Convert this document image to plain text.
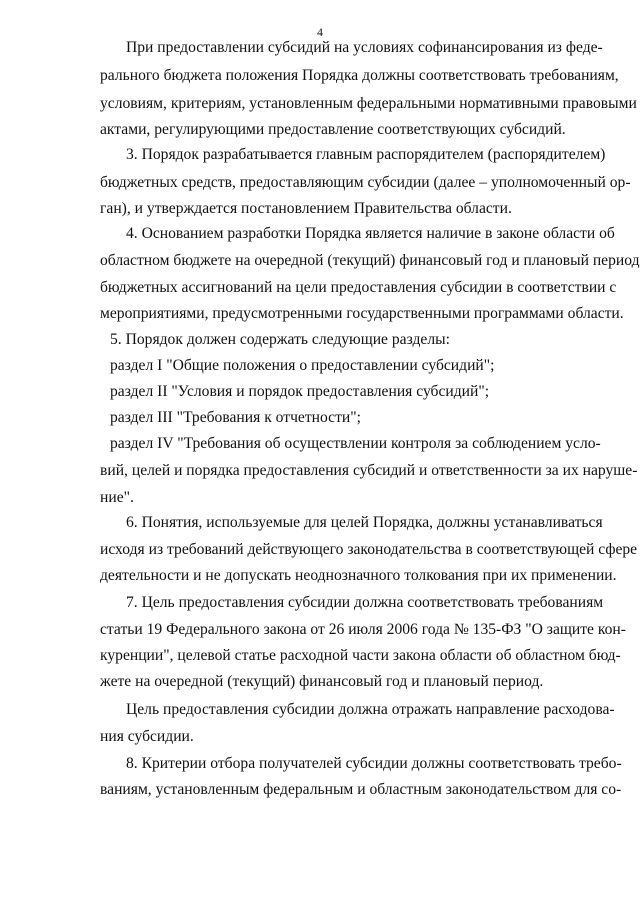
4
При предоставлении субсидий на условиях софинансирования из феде-
рального бюджета положения Порядка должны соответствовать требованиям,
условиям, критериям, установленным федеральными нормативными правовыми
актами, регулирующими предоставление соответствующих субсидий.
3. Порядок разрабатывается главным распорядителем (распорядителем)
бюджетных средств, предоставляющим субсидии (далее – уполномоченный ор-
ган), и утверждается постановлением Правительства области.
4. Основанием разработки Порядка является наличие в законе области об
областном бюджете на очередной (текущий) финансовый год и плановый период
бюджетных ассигнований на цели предоставления субсидии в соответствии с
мероприятиями, предусмотренными государственными программами области.
5. Порядок должен содержать следующие разделы:
раздел I "Общие положения о предоставлении субсидий";
раздел II "Условия и порядок предоставления субсидий";
раздел III "Требования к отчетности";
раздел IV "Требования об осуществлении контроля за соблюдением усло-
вий, целей и порядка предоставления субсидий и ответственности за их наруше-
ние".
6. Понятия, используемые для целей Порядка, должны устанавливаться
исходя из требований действующего законодательства в соответствующей сфере
деятельности и не допускать неоднозначного толкования при их применении.
7. Цель предоставления субсидии должна соответствовать требованиям
статьи 19 Федерального закона от 26 июля 2006 года № 135-ФЗ "О защите кон-
куренции", целевой статье расходной части закона области об областном бюд-
жете на очередной (текущий) финансовый год и плановый период.
Цель предоставления субсидии должна отражать направление расходова-
ния субсидии.
8. Критерии отбора получателей субсидии должны соответствовать требо-
ваниям, установленным федеральным и областным законодательством для со-
